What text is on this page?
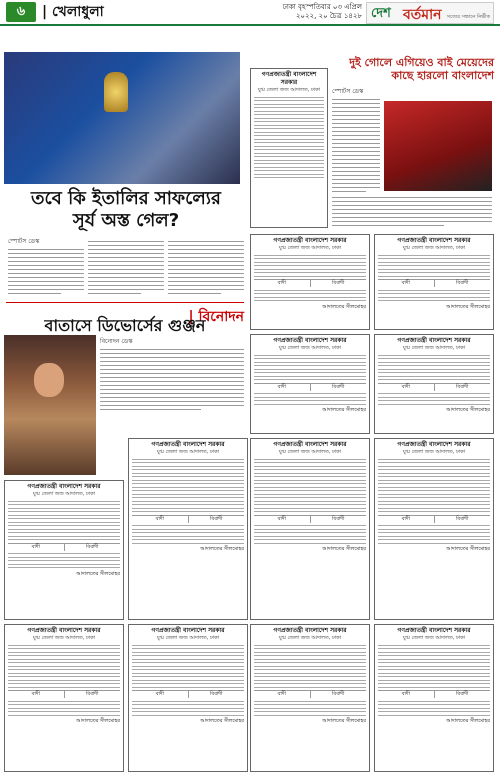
৬	| খেলাধুলা	ঢাকা বৃহস্পতিবার ০৩ এপ্রিল ২০২২, ২০ চৈত্র ১৪২৮ দেশ বর্তমান সত্যের সন্ধানে নির্ভীক
তবে কি ইতালির সাফল্যের
সূর্য অস্ত গেল?
স্পোর্টস ডেস্ক
| বিনোদন
বাতাসে ডিভোর্সের গুঞ্জন
বিনোদন ডেস্ক
দুই গোলে এগিয়েও বাই মেয়েদের
কাছে হারলো বাংলাদেশ
স্পোর্টস ডেস্ক
গণপ্রজাতন্ত্রী বাংলাদেশ সরকার
যুগ্ম জেলা জজ আদালত, ঢাকা
গণপ্রজাতন্ত্রী বাংলাদেশ সরকার
যুগ্ম জেলা জজ আদালত, ঢাকা
বাদী	বিবাদী
আদালতের সীলমোহর
গণপ্রজাতন্ত্রী বাংলাদেশ সরকার
যুগ্ম জেলা জজ আদালত, ঢাকা
বাদী	বিবাদী
আদালতের সীলমোহর
গণপ্রজাতন্ত্রী বাংলাদেশ সরকার
যুগ্ম জেলা জজ আদালত, ঢাকা
বাদী	বিবাদী
আদালতের সীলমোহর
গণপ্রজাতন্ত্রী বাংলাদেশ সরকার
যুগ্ম জেলা জজ আদালত, ঢাকা
বাদী	বিবাদী
আদালতের সীলমোহর
গণপ্রজাতন্ত্রী বাংলাদেশ সরকার
যুগ্ম জেলা জজ আদালত, ঢাকা
বাদী	বিবাদী
আদালতের সীলমোহর
গণপ্রজাতন্ত্রী বাংলাদেশ সরকার
যুগ্ম জেলা জজ আদালত, ঢাকা
বাদী	বিবাদী
আদালতের সীলমোহর
গণপ্রজাতন্ত্রী বাংলাদেশ সরকার
যুগ্ম জেলা জজ আদালত, ঢাকা
বাদী	বিবাদী
আদালতের সীলমোহর
গণপ্রজাতন্ত্রী বাংলাদেশ সরকার
যুগ্ম জেলা জজ আদালত, ঢাকা
বাদী	বিবাদী
আদালতের সীলমোহর
গণপ্রজাতন্ত্রী বাংলাদেশ সরকার
যুগ্ম জেলা জজ আদালত, ঢাকা
বাদী	বিবাদী
আদালতের সীলমোহর
গণপ্রজাতন্ত্রী বাংলাদেশ সরকার
যুগ্ম জেলা জজ আদালত, ঢাকা
বাদী	বিবাদী
আদালতের সীলমোহর
গণপ্রজাতন্ত্রী বাংলাদেশ সরকার
যুগ্ম জেলা জজ আদালত, ঢাকা
বাদী	বিবাদী
আদালতের সীলমোহর
গণপ্রজাতন্ত্রী বাংলাদেশ সরকার
যুগ্ম জেলা জজ আদালত, ঢাকা
বাদী	বিবাদী
আদালতের সীলমোহর
